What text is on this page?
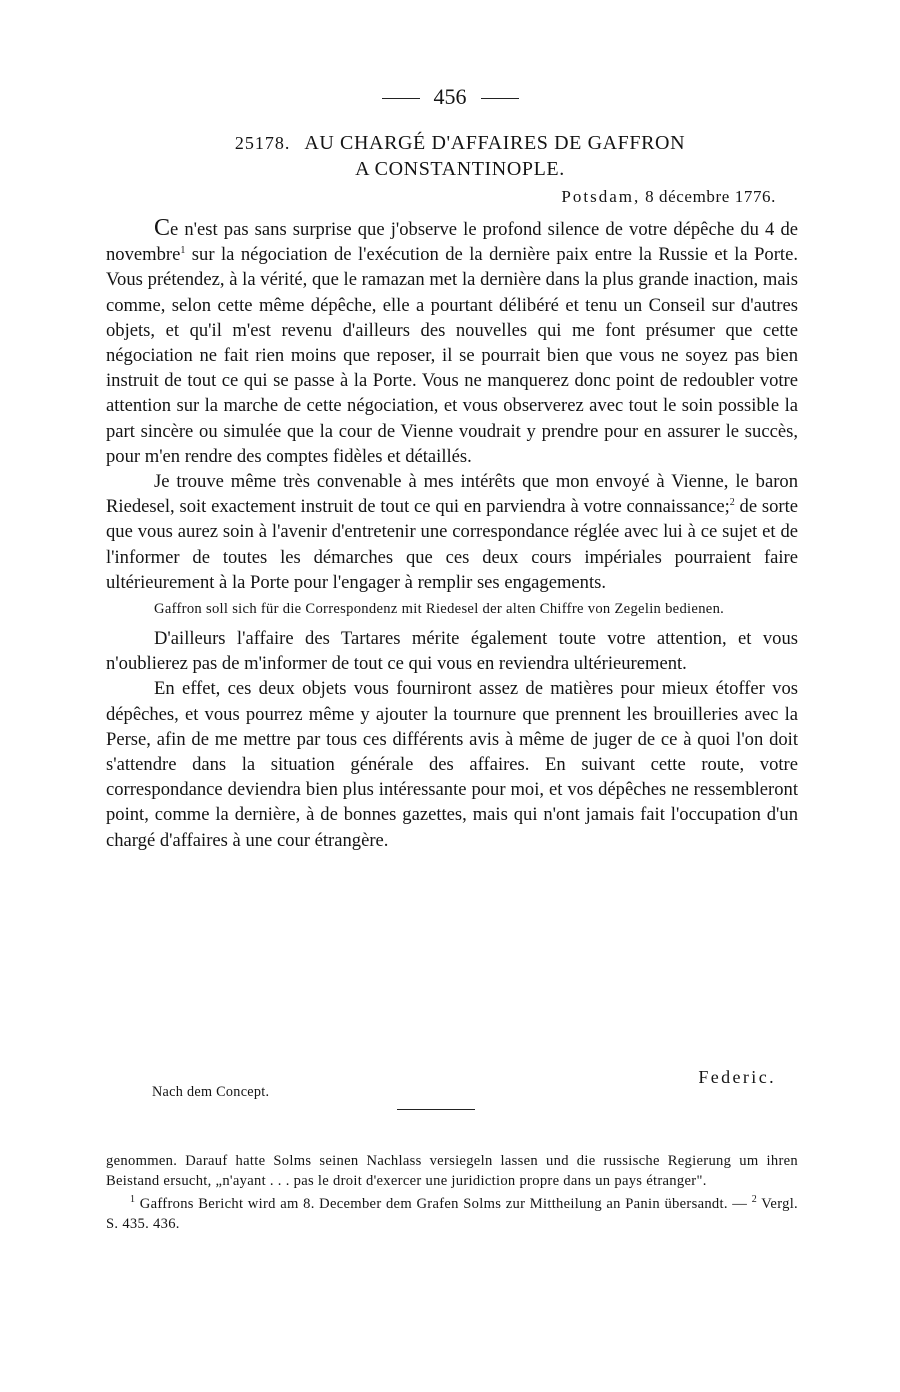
456
25178. AU CHARGÉ D'AFFAIRES DE GAFFRON
A CONSTANTINOPLE.
Potsdam, 8 décembre 1776.

Ce n'est pas sans surprise que j'observe le profond silence de votre dépêche du 4 de novembre$^1$ sur la négociation de l'exécution de la dernière paix entre la Russie et la Porte. Vous prétendez, à la vérité, que le ramazan met la dernière dans la plus grande inaction, mais comme, selon cette même dépêche, elle a pourtant délibéré et tenu un Conseil sur d'autres objets, et qu'il m'est revenu d'ailleurs des nouvelles qui me font présumer que cette négociation ne fait rien moins que reposer, il se pourrait bien que vous ne soyez pas bien instruit de tout ce qui se passe à la Porte. Vous ne manquerez donc point de redoubler votre attention sur la marche de cette négociation, et vous observerez avec tout le soin possible la part sincère ou simulée que la cour de Vienne voudrait y prendre pour en assurer le succès, pour m'en rendre des comptes fidèles et détaillés.

Je trouve même très convenable à mes intérêts que mon envoyé à Vienne, le baron Riedesel, soit exactement instruit de tout ce qui en parviendra à votre connaissance;$^2$ de sorte que vous aurez soin à l'avenir d'entretenir une correspondance réglée avec lui à ce sujet et de l'informer de toutes les démarches que ces deux cours impériales pourraient faire ultérieurement à la Porte pour l'engager à remplir ses engagements.

Gaffron soll sich für die Correspondenz mit Riedesel der alten Chiffre von Zegelin bedienen.

D'ailleurs l'affaire des Tartares mérite également toute votre attention, et vous n'oublierez pas de m'informer de tout ce qui vous en reviendra ultérieurement.

En effet, ces deux objets vous fourniront assez de matières pour mieux étoffer vos dépêches, et vous pourrez même y ajouter la tournure que prennent les brouilleries avec la Perse, afin de me mettre par tous ces différents avis à même de juger de ce à quoi l'on doit s'attendre dans la situation générale des affaires. En suivant cette route, votre correspondance deviendra bien plus intéressante pour moi, et vos dépêches ne ressembleront point, comme la dernière, à de bonnes gazettes, mais qui n'ont jamais fait l'occupation d'un chargé d'affaires à une cour étrangère.

Federic.
Nach dem Concept.

genommen. Darauf hatte Solms seinen Nachlass versiegeln lassen und die russische Regierung um ihren Beistand ersucht, „n'ayant . . . pas le droit d'exercer une juridiction propre dans un pays étranger".

$^1$ Gaffrons Bericht wird am 8. December dem Grafen Solms zur Mittheilung an Panin übersandt. — $^2$ Vergl. S. 435. 436.
